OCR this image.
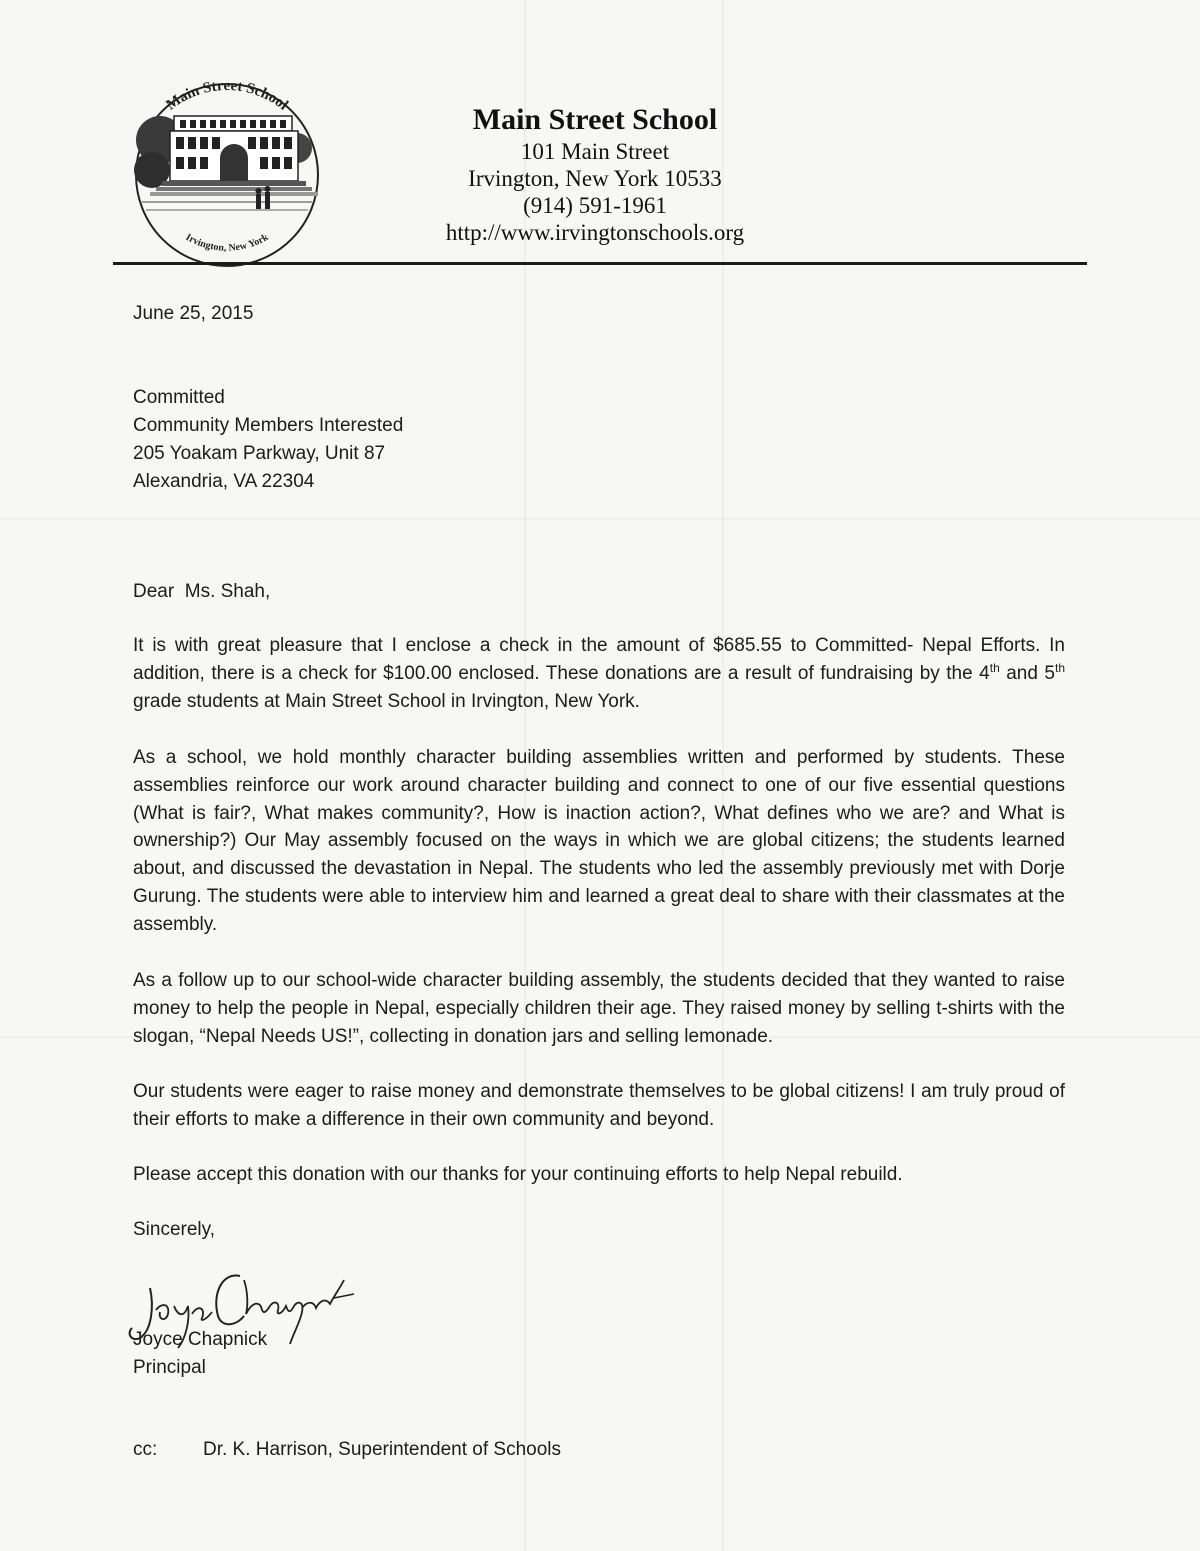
Main Street School
Irvington, New York
Main Street School
101 Main Street
Irvington, New York 10533
(914) 591-1961
http://www.irvingtonschools.org
June 25, 2015
Committed
Community Members Interested
205 Yoakam Parkway, Unit 87
Alexandria, VA 22304
Dear  Ms. Shah,
It is with great pleasure that I enclose a check in the amount of $685.55 to Committed- Nepal Efforts. In addition, there is a check for $100.00 enclosed. These donations are a result of fundraising by the 4th and 5th grade students at Main Street School in Irvington, New York.
As a school, we hold monthly character building assemblies written and performed by students. These assemblies reinforce our work around character building and connect to one of our five essential questions (What is fair?, What makes community?, How is inaction action?, What defines who we are? and What is ownership?) Our May assembly focused on the ways in which we are global citizens; the students learned about, and discussed the devastation in Nepal. The students who led the assembly previously met with Dorje Gurung. The students were able to interview him and learned a great deal to share with their classmates at the assembly.
As a follow up to our school-wide character building assembly, the students decided that they wanted to raise money to help the people in Nepal, especially children their age. They raised money by selling t-shirts with the slogan, “Nepal Needs US!”, collecting in donation jars and selling lemonade.
Our students were eager to raise money and demonstrate themselves to be global citizens! I am truly proud of their efforts to make a difference in their own community and beyond.
Please accept this donation with our thanks for your continuing efforts to help Nepal rebuild.
Sincerely,
Joyce Chapnick
Principal
cc: Dr. K. Harrison, Superintendent of Schools
